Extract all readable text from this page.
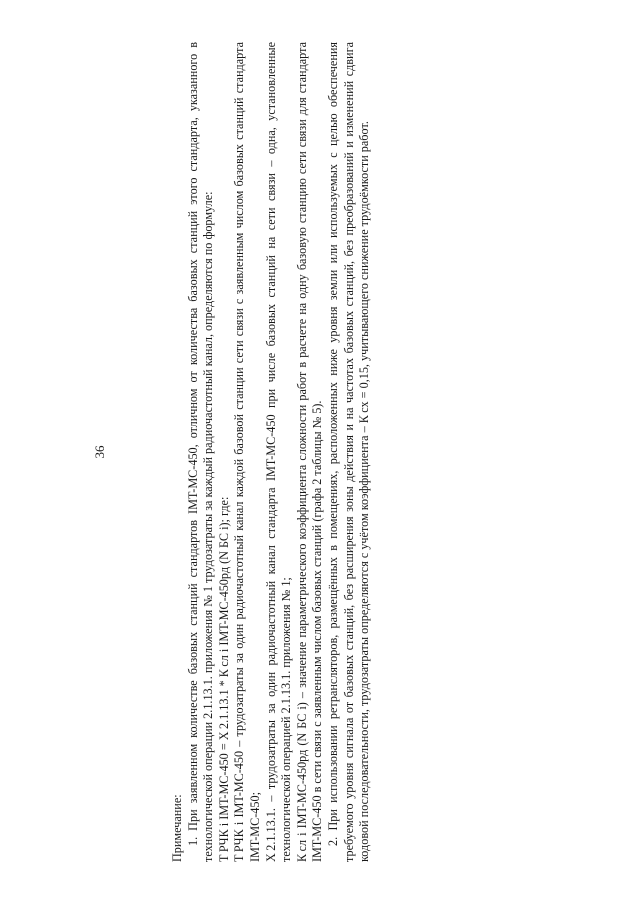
36

Примечание: 1. При заявленном количестве базовых станций стандартов IMT-MC-450, отличном от количества базовых станций этого стандарта, указанного в технологической операции 2.1.13.1. приложения № 1 трудозатраты за каждый радиочастотный канал, определяются по формуле: Т РЧК i IMT-MC-450 = Х 2.1.13.1 * К сл i IMT-MC-450рд (N БС i); где: Т РЧК i IMT-MC-450 – трудозатраты за один радиочастотный канал каждой базовой станции сети связи с заявленным числом базовых станций стандарта IMT-MC-450; Х 2.1.13.1. – трудозатраты за один радиочастотный канал стандарта IMT-MC-450 при числе базовых станций на сети связи – одна, установленные технологической операцией 2.1.13.1. приложения № 1; К сл i IMT-MC-450рд (N БС i) – значение параметрического коэффициента сложности работ в расчете на одну базовую станцию сети связи для стандарта IMT-MC-450 в сети связи с заявленным числом базовых станций (графа 2 таблицы № 5). 2. При использовании ретрансляторов, размещённых в помещениях, расположенных ниже уровня земли или используемых с целью обеспечения требуемого уровня сигнала от базовых станций, без расширения зоны действия и на частотах базовых станций, без преобразований и изменений сдвига кодовой последовательности, трудозатраты определяются с учётом коэффициента – К сх = 0,15, учитывающего снижение трудоёмкости работ.
